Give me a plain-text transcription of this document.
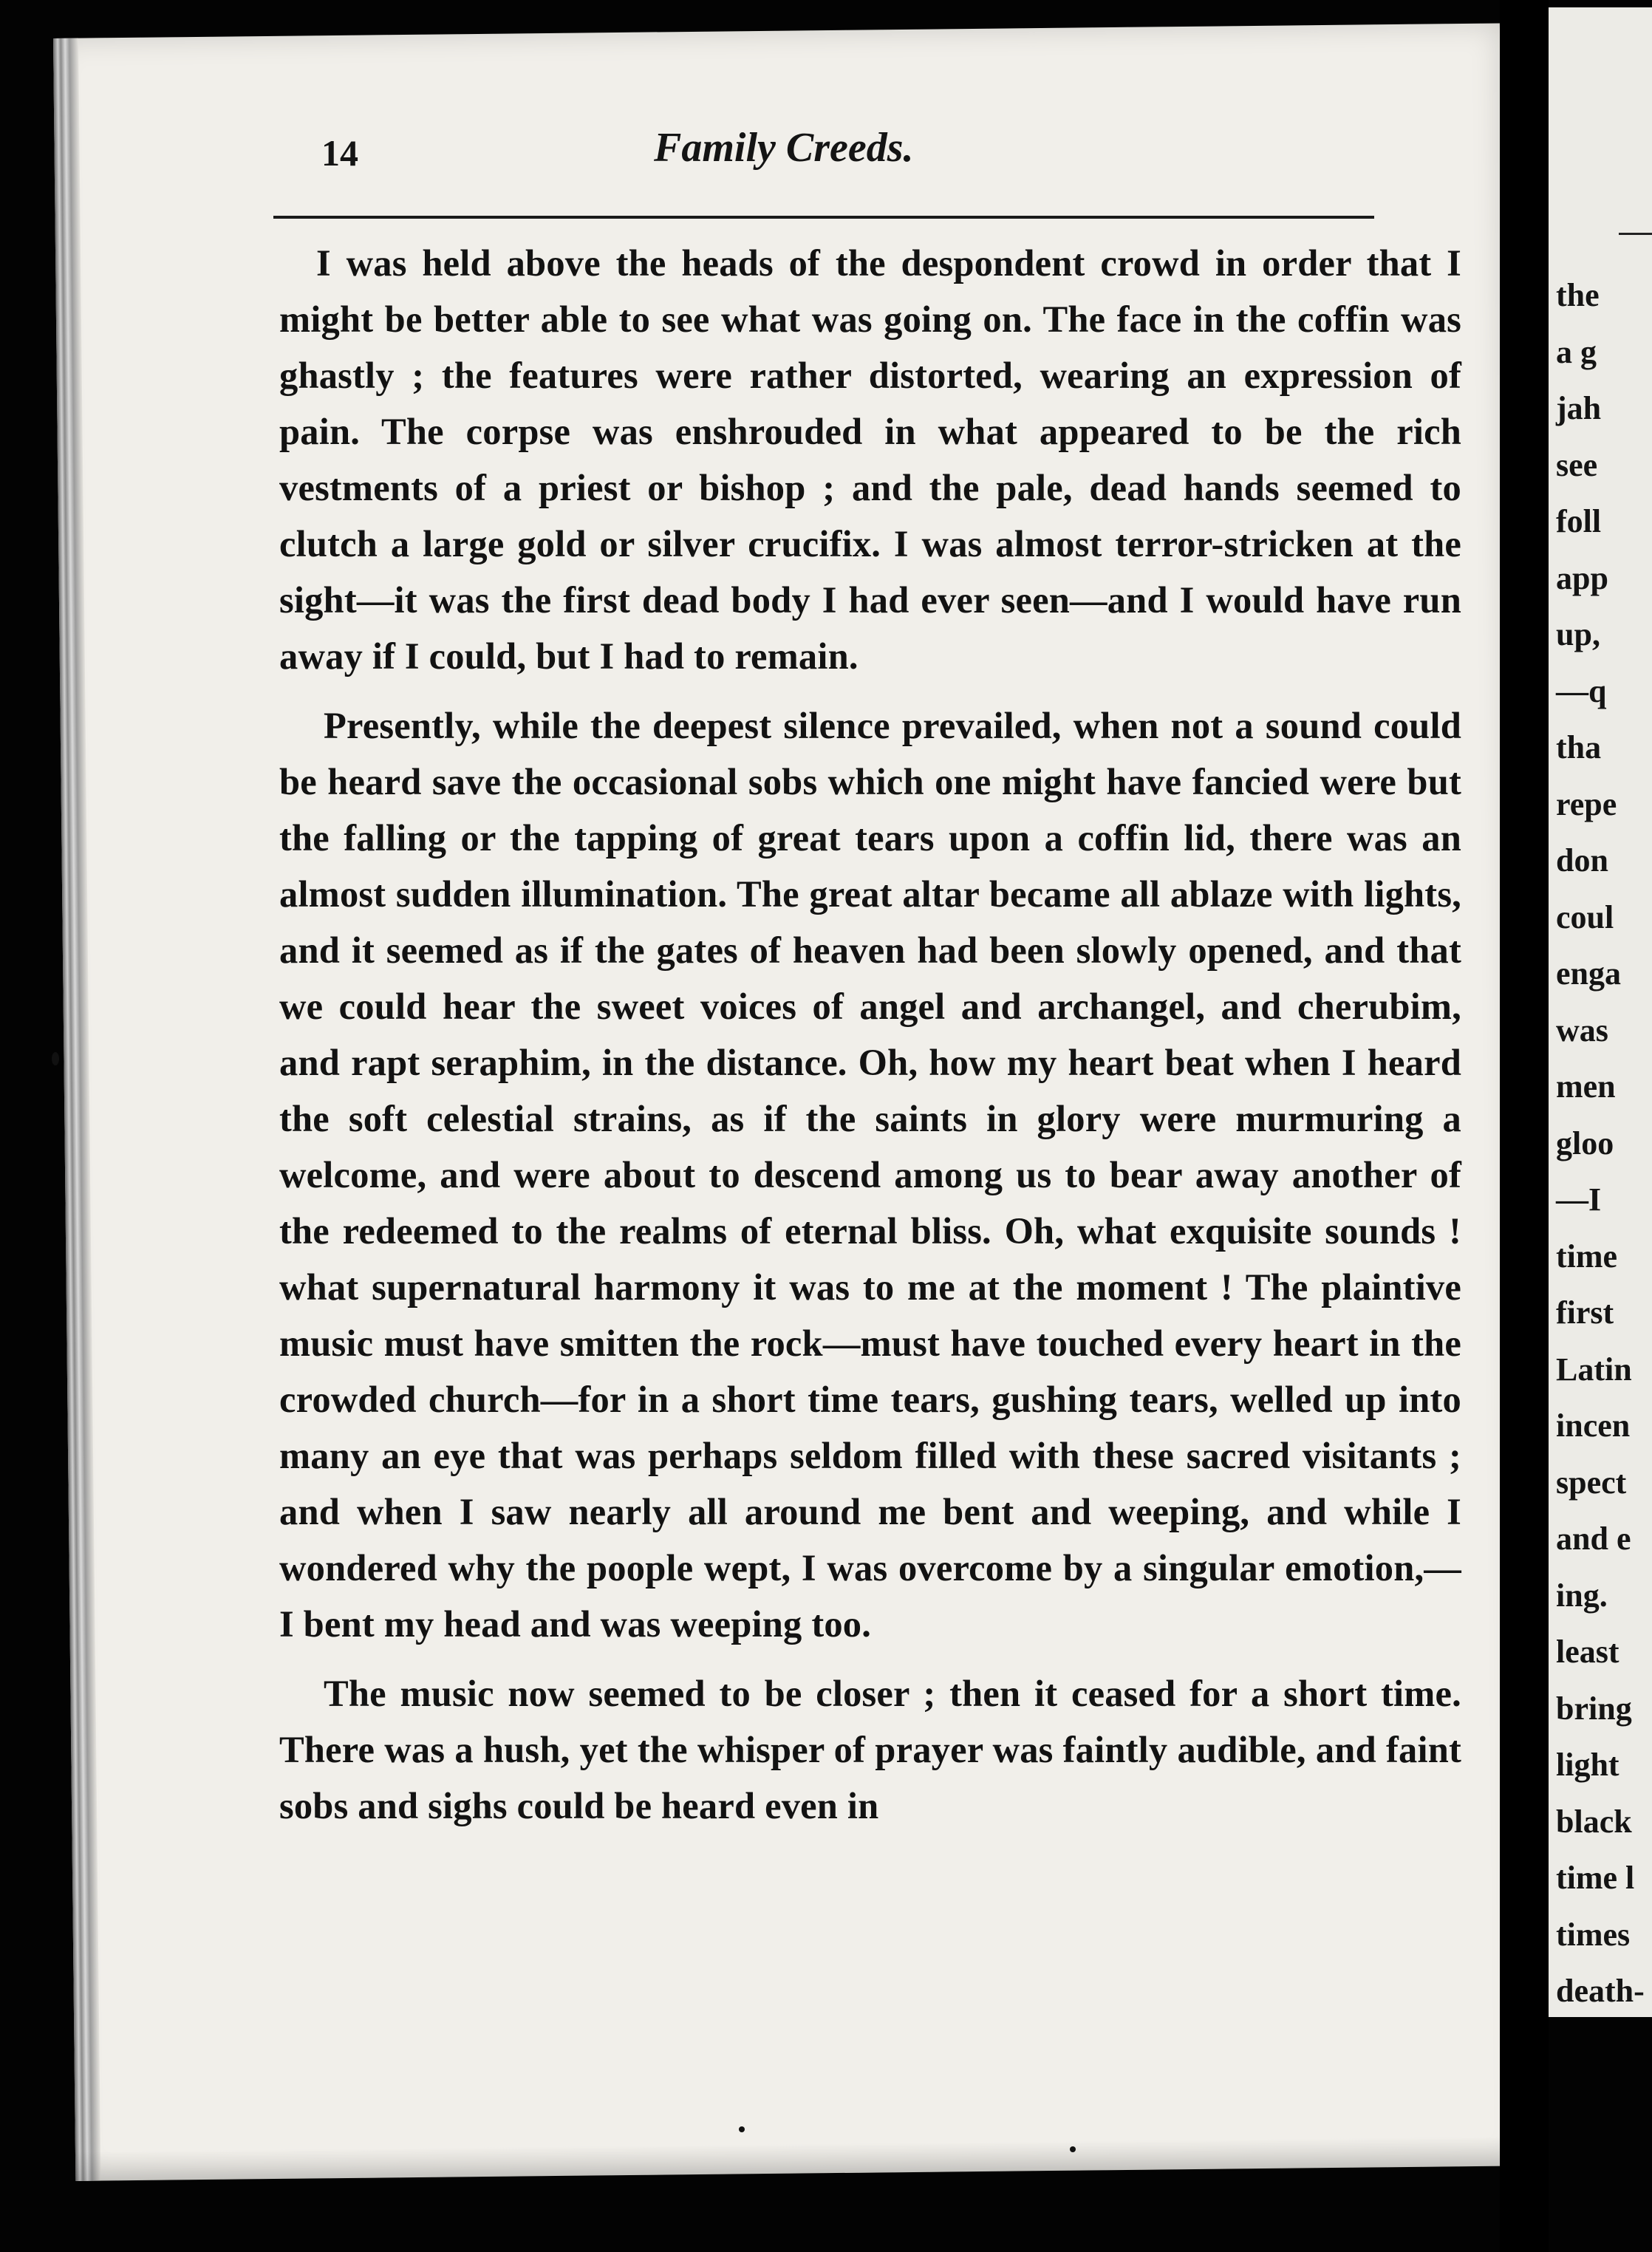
14	Family Creeds.

I was held above the heads of the despondent crowd in order that I might be better able to see what was going on. The face in the coffin was ghastly ; the features were rather distorted, wearing an expression of pain. The corpse was enshrouded in what appeared to be the rich vestments of a priest or bishop ; and the pale, dead hands seemed to clutch a large gold or silver crucifix. I was almost terror-stricken at the sight—it was the first dead body I had ever seen—and I would have run away if I could, but I had to remain.

Presently, while the deepest silence prevailed, when not a sound could be heard save the occasional sobs which one might have fancied were but the falling or the tapping of great tears upon a coffin lid, there was an almost sudden illumination. The great altar became all ablaze with lights, and it seemed as if the gates of heaven had been slowly opened, and that we could hear the sweet voices of angel and archangel, and cherubim, and rapt seraphim, in the distance. Oh, how my heart beat when I heard the soft celestial strains, as if the saints in glory were murmuring a welcome, and were about to descend among us to bear away another of the redeemed to the realms of eternal bliss. Oh, what exquisite sounds ! what supernatural harmony it was to me at the moment ! The plaintive music must have smitten the rock—must have touched every heart in the crowded church—for in a short time tears, gushing tears, welled up into many an eye that was perhaps seldom filled with these sacred visitants ; and when I saw nearly all around me bent and weeping, and while I wondered why the poople wept, I was overcome by a singular emotion,—I bent my head and was weeping too.

The music now seemed to be closer ; then it ceased for a short time. There was a hush, yet the whisper of prayer was faintly audible, and faint sobs and sighs could be heard even in

the
a g
jah
see
foll
app
up,
—q
tha
repe
don
coul
enga
was
men
gloo
—I
time
first
Latin
incen
spect
and e
ing.
least
bring
light
black
time l
times
death-
